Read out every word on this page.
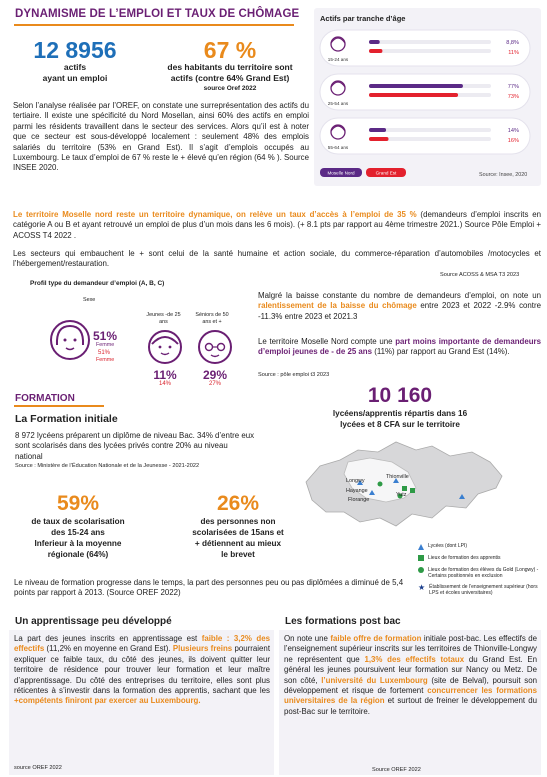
DYNAMISME DE L’EMPLOI ET TAUX DE CHÔMAGE
12 8956
actifs
ayant un emploi
67 %
des habitants du territoire sont
actifs (contre 64% Grand Est)
source Oref 2022

Selon l’analyse réalisée par l’OREF, on constate une surreprésentation des actifs du tertiaire. Il existe une spécificité du Nord Mosellan, ainsi 60% des actifs en emploi parmi les résidents travaillent dans le secteur des services. Alors qu’il est à noter que ce secteur est sous-développé localement : seulement 48% des emplois salariés du territoire (53% en Grand Est). Il s’agit d’emplois occupés au Luxembourg. Le taux d’emploi de 67 % reste le + élevé qu’en région (64 % ). Source INSEE 2020.

Actifs par tranche d’âge
15-24 ans
8,8%
11%
25-54 ans
77%
73%
55-64 ans
14%
16%
Moselle Nord	Grand Est	Source: Insee, 2020

Le territoire Moselle nord reste un territoire dynamique, on relève un taux d’accès à l’emploi de 35 % (demandeurs d’emploi inscrits en catégorie A ou B et ayant retrouvé un emploi de plus d’un mois dans les 6 mois). (+ 8.1 pts par rapport au 4ème trimestre 2021.) Source Pôle Emploi + ACOSS T4 2022 .

Les secteurs qui embauchent le + sont celui de la santé humaine et action sociale, du commerce-réparation d’automobiles /motocycles et l’hébergement/restauration.

Source ACOSS & MSA T3 2023
Profil type du demandeur d’emploi (A, B, C)
Sexe
Jeunes -de 25 ans
Séniors de 50 ans et +
51%
Femme
51%
Femme
11%
14%
29%
27%

Malgré la baisse constante du nombre de demandeurs d’emploi, on note un ralentissement de la baisse du chômage entre 2023 et 2022 -2.9% contre -11.3% entre 2023 et 2021.3

Le territoire Moselle Nord compte une part moins importante de demandeurs d’emploi jeunes de - de 25 ans (11%) par rapport au Grand Est (14%).

Source : pôle emploi t3 2023
FORMATION
La Formation initiale

8 972 lycéens préparent un diplôme de niveau Bac. 34% d’entre eux sont scolarisés dans des lycées privés contre 20% au niveau national

Source : Ministère de l’Éducation Nationale et de la Jeunesse - 2021-2022
10 160
lycéens/apprentis répartis dans 16
lycées et 8 CFA sur le territoire
Thionville
Longwy
Hayange
Florange
Yutz
Lycées (dont LPI)
Lieux de formation des apprentis
Lieux de formation des élèves du Gold (Longwy) - Certains positionnés en exclusion
★ Établissement de l’enseignement supérieur (hors LPS et écoles universitaires)
59%
de taux de scolarisation
des 15-24 ans
Inferieur à la moyenne
régionale (64%)
26%
des personnes non
scolarisées de 15ans et
+ détiennent au mieux
le brevet

Le niveau de formation progresse dans le temps, la part des personnes peu ou pas diplômées a diminué de 5,4 points par rapport à 2013. (Source OREF 2022)

Un apprentissage peu développé

La part des jeunes inscrits en apprentissage est faible : 3,2% des effectifs (11,2% en moyenne en Grand Est). Plusieurs freins pourraient expliquer ce faible taux, du côté des jeunes, ils doivent quitter leur territoire de résidence pour trouver leur formation et leur maître d’apprentissage. Du côté des entreprises du territoire, elles sont plus réticentes à s’investir dans la formation des apprentis, sachant que les +compétents finiront par exercer au Luxembourg.

source OREF 2022
Les formations post bac

On note une faible offre de formation initiale post-bac. Les effectifs de l’enseignement supérieur inscrits sur les territoires de Thionville-Longwy ne représentent que 1,3% des effectifs totaux du Grand Est. En général les jeunes poursuivent leur formation sur Nancy ou Metz. De son côté, l’université du Luxembourg (site de Belval), poursuit son développement et risque de fortement concurrencer les formations universitaires de la région et surtout de freiner le développement du post-Bac sur le territoire.

Source OREF 2022
